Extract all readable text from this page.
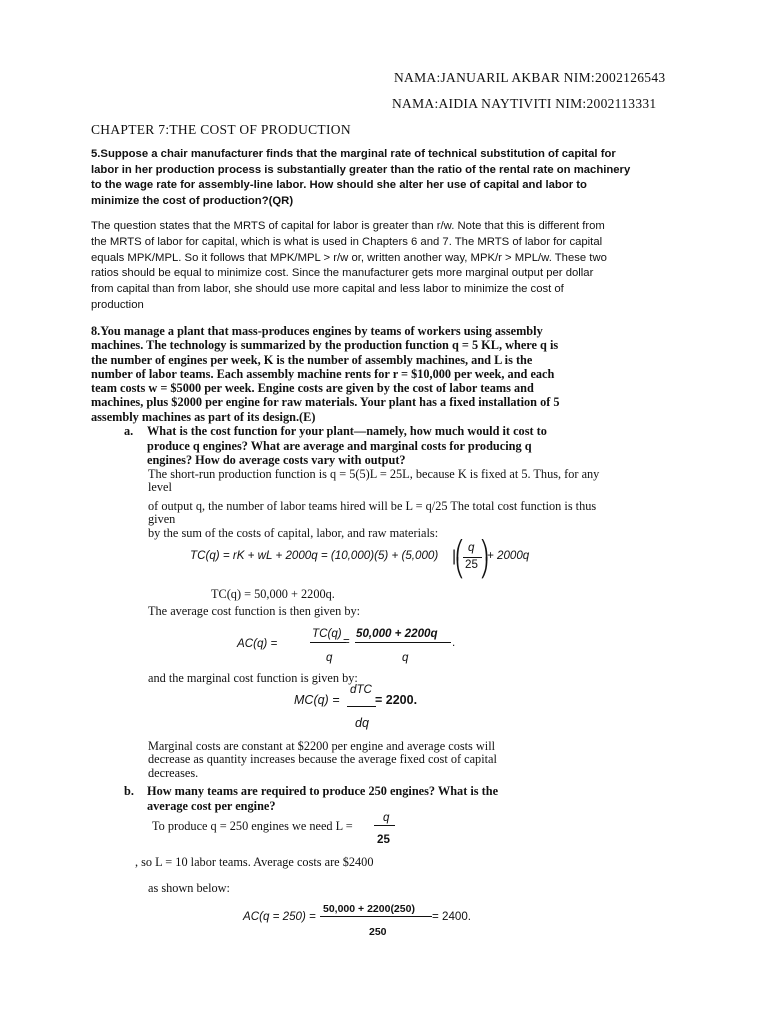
NAMA:JANUARIL AKBAR NIM:2002126543
NAMA:AIDIA NAYTIVITI NIM:2002113331
CHAPTER 7:THE COST OF PRODUCTION
5.Suppose a chair manufacturer finds that the marginal rate of technical substitution of capital for
labor in her production process is substantially greater than the ratio of the rental rate on machinery
to the wage rate for assembly-line labor. How should she alter her use of capital and labor to
minimize the cost of production?(QR)
The question states that the MRTS of capital for labor is greater than r/w. Note that this is different from
the MRTS of labor for capital, which is what is used in Chapters 6 and 7. The MRTS of labor for capital
equals MPK/MPL. So it follows that MPK/MPL > r/w or, written another way, MPK/r > MPL/w. These two
ratios should be equal to minimize cost. Since the manufacturer gets more marginal output per dollar
from capital than from labor, she should use more capital and less labor to minimize the cost of
production
8.You manage a plant that mass-produces engines by teams of workers using assembly
machines. The technology is summarized by the production function q = 5 KL, where q is
the number of engines per week, K is the number of assembly machines, and L is the
number of labor teams. Each assembly machine rents for r = $10,000 per week, and each
team costs w = $5000 per week. Engine costs are given by the cost of labor teams and
machines, plus $2000 per engine for raw materials. Your plant has a fixed installation of 5
assembly machines as part of its design.(E)
a. What is the cost function for your plant—namely, how much would it cost to
produce q engines? What are average and marginal costs for producing q
engines? How do average costs vary with output?
The short-run production function is q = 5(5)L = 25L, because K is fixed at 5. Thus, for any
level
of output q, the number of labor teams hired will be L = q/25 The total cost function is thus
given
by the sum of the costs of capital, labor, and raw materials:
TC(q) = rK + wL + 2000q = (10,000)(5) + (5,000) ⎛
⎝
|
q
25
⎞
⎠
+ 2000q
TC(q) = 50,000 + 2200q.
The average cost function is then given by:
AC(q) =
TC(q)
q
=
50,000 + 2200q
q
.
and the marginal cost function is given by:
MC(q) =
dTC
dq
= 2200.
Marginal costs are constant at $2200 per engine and average costs will
decrease as quantity increases because the average fixed cost of capital
decreases.
b. How many teams are required to produce 250 engines? What is the
average cost per engine?
To produce q = 250 engines we need L =
q
25
, so L = 10 labor teams. Average costs are $2400
as shown below:
AC(q = 250) =
50,000 + 2200(250)
250
= 2400.
